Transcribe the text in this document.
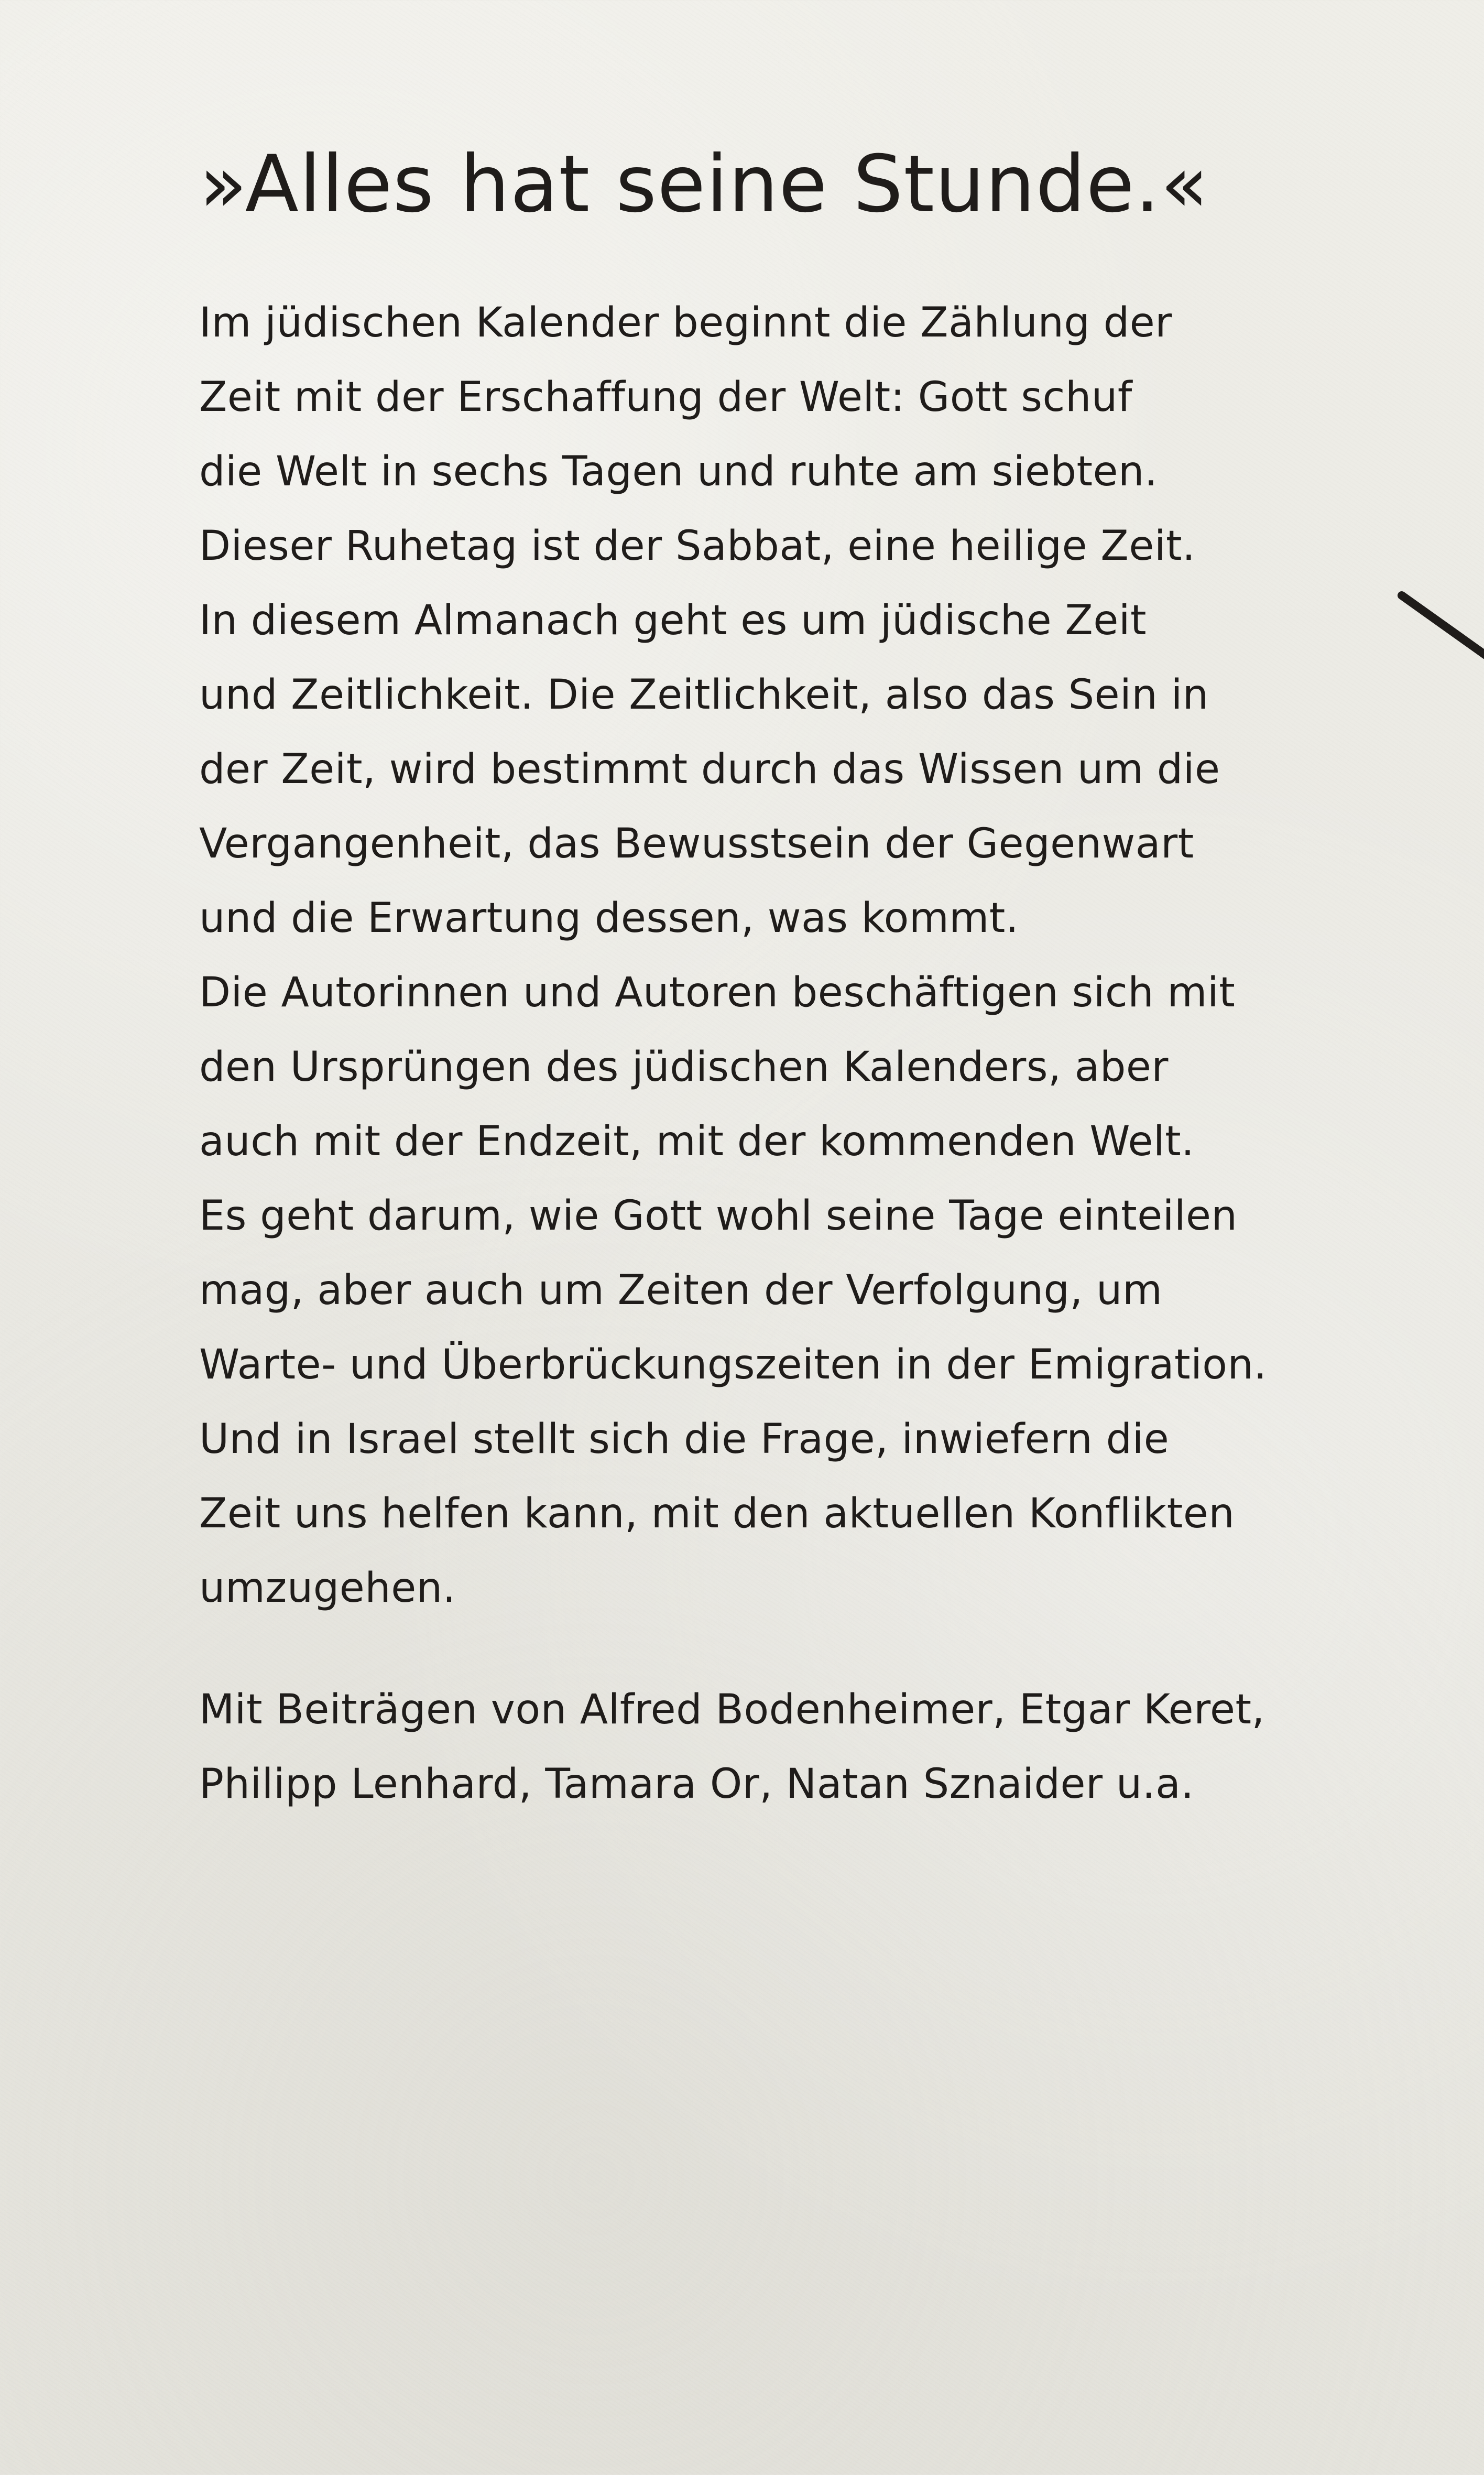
»Alles hat seine Stunde.«
Im jüdischen Kalender beginnt die Zählung der
Zeit mit der Erschaffung der Welt: Gott schuf
die Welt in sechs Tagen und ruhte am siebten.
Dieser Ruhetag ist der Sabbat, eine heilige Zeit.
In diesem Almanach geht es um jüdische Zeit
und Zeitlichkeit. Die Zeitlichkeit, also das Sein in
der Zeit, wird bestimmt durch das Wissen um die
Vergangenheit, das Bewusstsein der Gegenwart
und die Erwartung dessen, was kommt.
Die Autorinnen und Autoren beschäftigen sich mit
den Ursprüngen des jüdischen Kalenders, aber
auch mit der Endzeit, mit der kommenden Welt.
Es geht darum, wie Gott wohl seine Tage einteilen
mag, aber auch um Zeiten der Verfolgung, um
Warte- und Überbrückungszeiten in der Emigration.
Und in Israel stellt sich die Frage, inwiefern die
Zeit uns helfen kann, mit den aktuellen Konflikten
umzugehen.
Mit Beiträgen von Alfred Bodenheimer, Etgar Keret,
Philipp Lenhard, Tamara Or, Natan Sznaider u.a.
